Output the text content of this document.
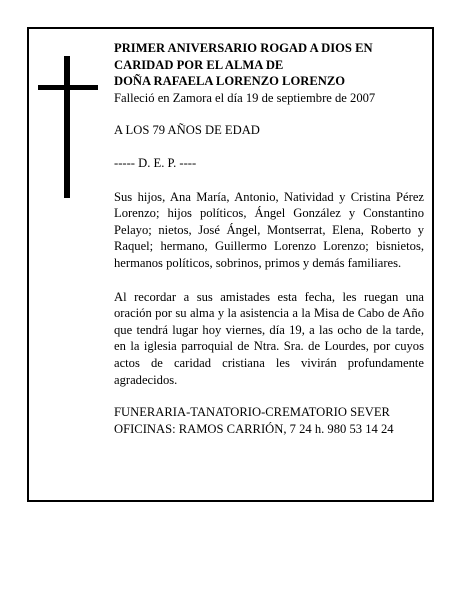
PRIMER ANIVERSARIO ROGAD A DIOS EN

CARIDAD POR EL ALMA DE

DOÑA RAFAELA LORENZO LORENZO

Falleció en Zamora el día 19 de septiembre de 2007

A LOS 79 AÑOS DE EDAD

----- D. E. P. ----

Sus hijos, Ana María, Antonio, Natividad y Cristina Pérez Lorenzo; hijos políticos, Ángel González y Constantino Pelayo; nietos, José Ángel, Montserrat, Elena, Roberto y Raquel; hermano, Guillermo Lorenzo Lorenzo; bisnietos, hermanos políticos, sobrinos, primos y demás familiares.

Al recordar a sus amistades esta fecha, les ruegan una oración por su alma y la asistencia a la Misa de Cabo de Año que tendrá lugar hoy viernes, día 19, a las ocho de la tarde, en la iglesia parroquial de Ntra. Sra. de Lourdes, por cuyos actos de caridad cristiana les vivirán profundamente agradecidos.

FUNERARIA-TANATORIO-CREMATORIO SEVER

OFICINAS: RAMOS CARRIÓN, 7 24 h. 980 53 14 24
